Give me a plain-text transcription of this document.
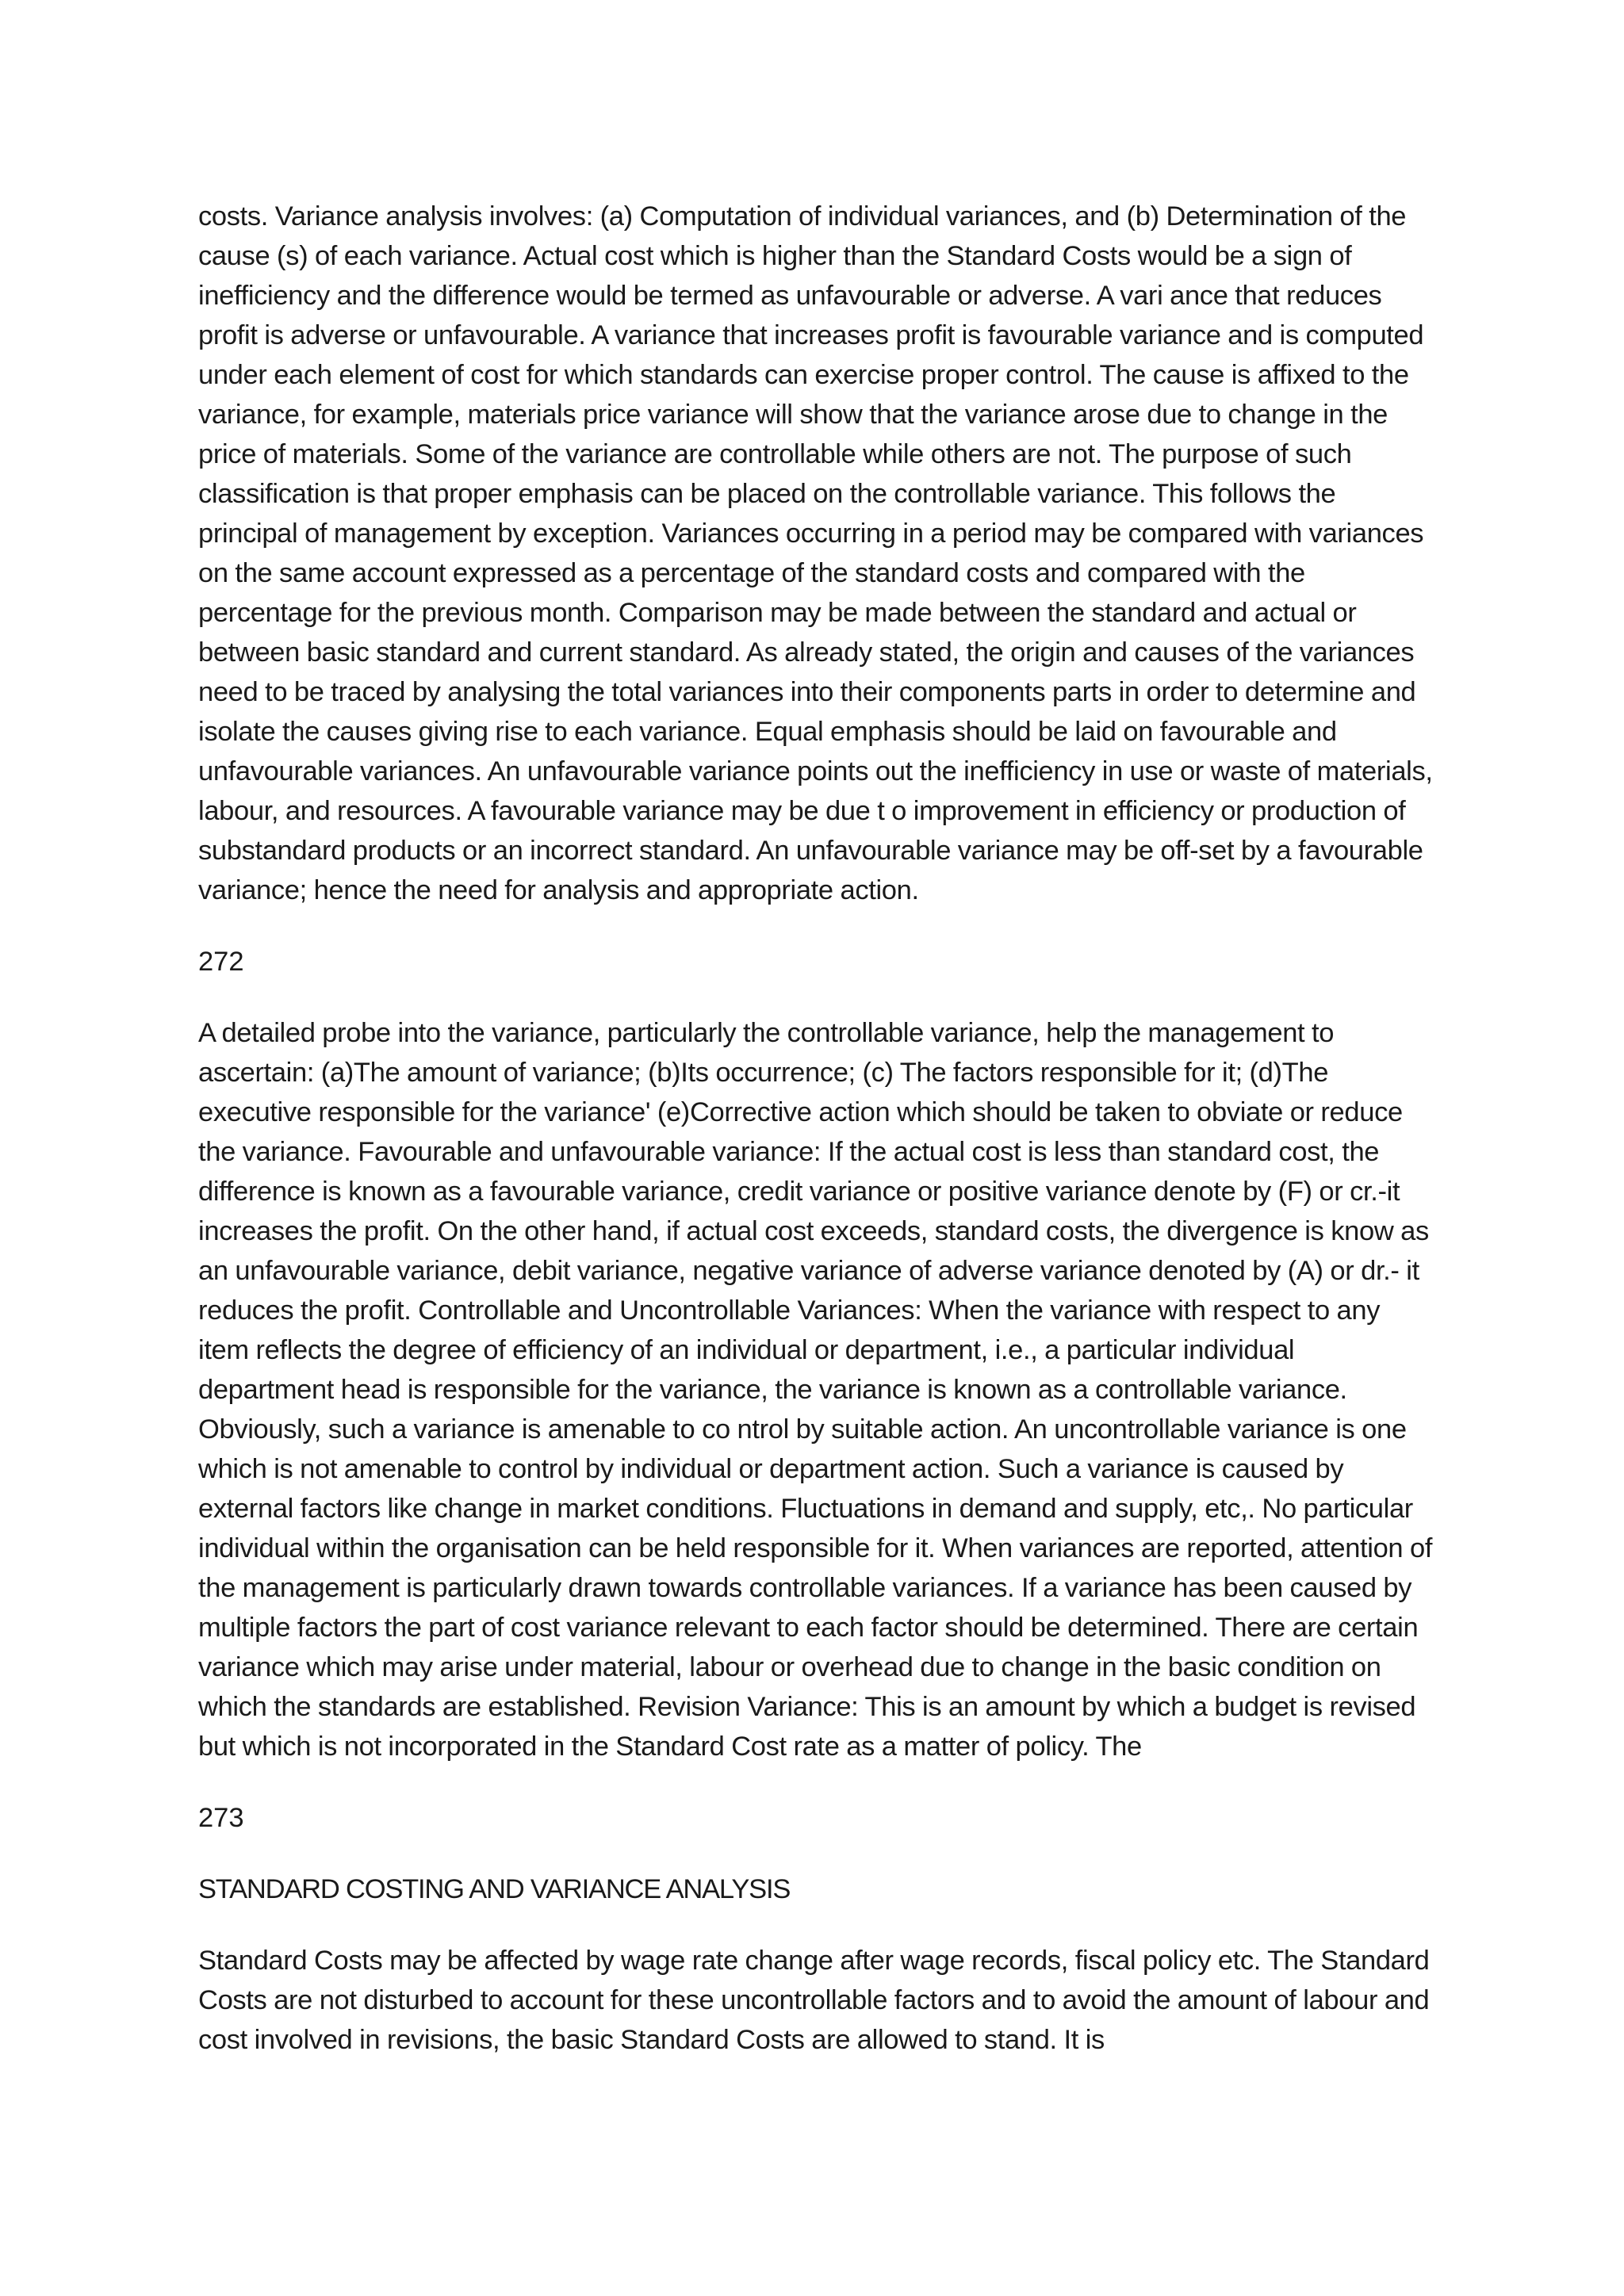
costs. Variance analysis involves: (a) Computation of individual variances, and (b) Determination of the cause (s) of each variance. Actual cost which is higher than the Standard Costs would be a sign of inefficiency and the difference would be termed as unfavourable or adverse. A vari ance that reduces profit is adverse or unfavourable. A variance that increases profit is favourable variance and is computed under each element of cost for which standards can exercise proper control. The cause is affixed to the variance, for example, materials price variance will show that the variance arose due to change in the price of materials. Some of the variance are controllable while others are not. The purpose of such classification is that proper emphasis can be placed on the controllable variance. This follows the principal of management by exception. Variances occurring in a period may be compared with variances on the same account expressed as a percentage of the standard costs and compared with the percentage for the previous month. Comparison may be made between the standard and actual or between basic standard and current standard. As already stated, the origin and causes of the variances need to be traced by analysing the total variances into their components parts in order to determine and isolate the causes giving rise to each variance. Equal emphasis should be laid on favourable and unfavourable variances. An unfavourable variance points out the inefficiency in use or waste of materials, labour, and resources. A favourable variance may be due t o improvement in efficiency or production of substandard products or an incorrect standard. An unfavourable variance may be off-set by a favourable variance; hence the need for analysis and appropriate action.

272

A detailed probe into the variance, particularly the controllable variance, help the management to ascertain: (a)The amount of variance; (b)Its occurrence; (c) The factors responsible for it; (d)The executive responsible for the variance' (e)Corrective action which should be taken to obviate or reduce the variance. Favourable and unfavourable variance: If the actual cost is less than standard cost, the difference is known as a favourable variance, credit variance or positive variance denote by (F) or cr.-it increases the profit. On the other hand, if actual cost exceeds, standard costs, the divergence is know as an unfavourable variance, debit variance, negative variance of adverse variance denoted by (A) or dr.- it reduces the profit. Controllable and Uncontrollable Variances: When the variance with respect to any item reflects the degree of efficiency of an individual or department, i.e., a particular individual department head is responsible for the variance, the variance is known as a controllable variance. Obviously, such a variance is amenable to co ntrol by suitable action. An uncontrollable variance is one which is not amenable to control by individual or department action. Such a variance is caused by external factors like change in market conditions. Fluctuations in demand and supply, etc,. No particular individual within the organisation can be held responsible for it. When variances are reported, attention of the management is particularly drawn towards controllable variances. If a variance has been caused by multiple factors the part of cost variance relevant to each factor should be determined. There are certain variance which may arise under material, labour or overhead due to change in the basic condition on which the standards are established. Revision Variance: This is an amount by which a budget is revised but which is not incorporated in the Standard Cost rate as a matter of policy. The

273

STANDARD COSTING AND VARIANCE ANALYSIS

Standard Costs may be affected by wage rate change after wage records, fiscal policy etc. The Standard Costs are not disturbed to account for these uncontrollable factors and to avoid the amount of labour and cost involved in revisions, the basic Standard Costs are allowed to stand. It is
